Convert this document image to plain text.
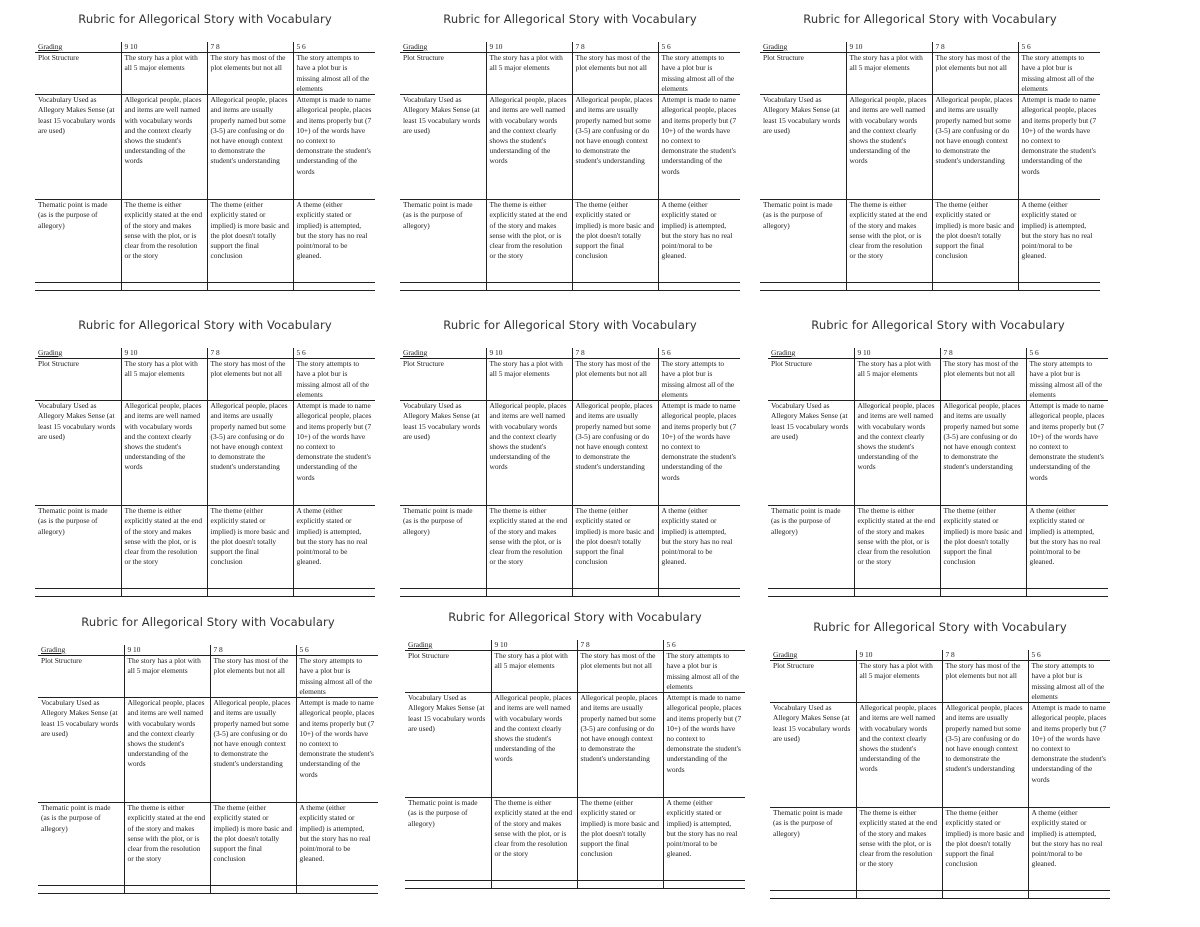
Rubric for Allegorical Story with Vocabulary
Grading	9 10	7 8	5 6
Plot Structure	The story has a plot with all 5 major elements	The story has most of the plot elements but not all	The story attempts to have a plot bur is missing almost all of the elements
Vocabulary Used as Allegory Makes Sense (at least 15 vocabulary words are used)	Allegorical people, places and items are well named with vocabulary words and the context clearly shows the student's understanding of the words	Allegorical people, places and items are usually properly named but some (3-5) are confusing or do not have enough context to demonstrate the student's understanding	Attempt is made to name allegorical people, places and items properly but (7 10+) of the words have no context to demonstrate the student's understanding of the words
Thematic point is made (as is the purpose of allegory)	The theme is either explicitly stated at the end of the story and makes sense with the plot, or is clear from the resolution or the story	The theme (either explicitly stated or implied) is more basic and the plot doesn't totally support the final conclusion	A theme (either explicitly stated or implied) is attempted, but the story has no real point/moral to be gleaned.

Rubric for Allegorical Story with Vocabulary
Grading	9 10	7 8	5 6
Plot Structure	The story has a plot with all 5 major elements	The story has most of the plot elements but not all	The story attempts to have a plot bur is missing almost all of the elements
Vocabulary Used as Allegory Makes Sense (at least 15 vocabulary words are used)	Allegorical people, places and items are well named with vocabulary words and the context clearly shows the student's understanding of the words	Allegorical people, places and items are usually properly named but some (3-5) are confusing or do not have enough context to demonstrate the student's understanding	Attempt is made to name allegorical people, places and items properly but (7 10+) of the words have no context to demonstrate the student's understanding of the words
Thematic point is made (as is the purpose of allegory)	The theme is either explicitly stated at the end of the story and makes sense with the plot, or is clear from the resolution or the story	The theme (either explicitly stated or implied) is more basic and the plot doesn't totally support the final conclusion	A theme (either explicitly stated or implied) is attempted, but the story has no real point/moral to be gleaned.

Rubric for Allegorical Story with Vocabulary
Grading	9 10	7 8	5 6
Plot Structure	The story has a plot with all 5 major elements	The story has most of the plot elements but not all	The story attempts to have a plot bur is missing almost all of the elements
Vocabulary Used as Allegory Makes Sense (at least 15 vocabulary words are used)	Allegorical people, places and items are well named with vocabulary words and the context clearly shows the student's understanding of the words	Allegorical people, places and items are usually properly named but some (3-5) are confusing or do not have enough context to demonstrate the student's understanding	Attempt is made to name allegorical people, places and items properly but (7 10+) of the words have no context to demonstrate the student's understanding of the words
Thematic point is made (as is the purpose of allegory)	The theme is either explicitly stated at the end of the story and makes sense with the plot, or is clear from the resolution or the story	The theme (either explicitly stated or implied) is more basic and the plot doesn't totally support the final conclusion	A theme (either explicitly stated or implied) is attempted, but the story has no real point/moral to be gleaned.

Rubric for Allegorical Story with Vocabulary
Grading	9 10	7 8	5 6
Plot Structure	The story has a plot with all 5 major elements	The story has most of the plot elements but not all	The story attempts to have a plot bur is missing almost all of the elements
Vocabulary Used as Allegory Makes Sense (at least 15 vocabulary words are used)	Allegorical people, places and items are well named with vocabulary words and the context clearly shows the student's understanding of the words	Allegorical people, places and items are usually properly named but some (3-5) are confusing or do not have enough context to demonstrate the student's understanding	Attempt is made to name allegorical people, places and items properly but (7 10+) of the words have no context to demonstrate the student's understanding of the words
Thematic point is made (as is the purpose of allegory)	The theme is either explicitly stated at the end of the story and makes sense with the plot, or is clear from the resolution or the story	The theme (either explicitly stated or implied) is more basic and the plot doesn't totally support the final conclusion	A theme (either explicitly stated or implied) is attempted, but the story has no real point/moral to be gleaned.

Rubric for Allegorical Story with Vocabulary
Grading	9 10	7 8	5 6
Plot Structure	The story has a plot with all 5 major elements	The story has most of the plot elements but not all	The story attempts to have a plot bur is missing almost all of the elements
Vocabulary Used as Allegory Makes Sense (at least 15 vocabulary words are used)	Allegorical people, places and items are well named with vocabulary words and the context clearly shows the student's understanding of the words	Allegorical people, places and items are usually properly named but some (3-5) are confusing or do not have enough context to demonstrate the student's understanding	Attempt is made to name allegorical people, places and items properly but (7 10+) of the words have no context to demonstrate the student's understanding of the words
Thematic point is made (as is the purpose of allegory)	The theme is either explicitly stated at the end of the story and makes sense with the plot, or is clear from the resolution or the story	The theme (either explicitly stated or implied) is more basic and the plot doesn't totally support the final conclusion	A theme (either explicitly stated or implied) is attempted, but the story has no real point/moral to be gleaned.

Rubric for Allegorical Story with Vocabulary
Grading	9 10	7 8	5 6
Plot Structure	The story has a plot with all 5 major elements	The story has most of the plot elements but not all	The story attempts to have a plot bur is missing almost all of the elements
Vocabulary Used as Allegory Makes Sense (at least 15 vocabulary words are used)	Allegorical people, places and items are well named with vocabulary words and the context clearly shows the student's understanding of the words	Allegorical people, places and items are usually properly named but some (3-5) are confusing or do not have enough context to demonstrate the student's understanding	Attempt is made to name allegorical people, places and items properly but (7 10+) of the words have no context to demonstrate the student's understanding of the words
Thematic point is made (as is the purpose of allegory)	The theme is either explicitly stated at the end of the story and makes sense with the plot, or is clear from the resolution or the story	The theme (either explicitly stated or implied) is more basic and the plot doesn't totally support the final conclusion	A theme (either explicitly stated or implied) is attempted, but the story has no real point/moral to be gleaned.

Rubric for Allegorical Story with Vocabulary
Grading	9 10	7 8	5 6
Plot Structure	The story has a plot with all 5 major elements	The story has most of the plot elements but not all	The story attempts to have a plot bur is missing almost all of the elements
Vocabulary Used as Allegory Makes Sense (at least 15 vocabulary words are used)	Allegorical people, places and items are well named with vocabulary words and the context clearly shows the student's understanding of the words	Allegorical people, places and items are usually properly named but some (3-5) are confusing or do not have enough context to demonstrate the student's understanding	Attempt is made to name allegorical people, places and items properly but (7 10+) of the words have no context to demonstrate the student's understanding of the words
Thematic point is made (as is the purpose of allegory)	The theme is either explicitly stated at the end of the story and makes sense with the plot, or is clear from the resolution or the story	The theme (either explicitly stated or implied) is more basic and the plot doesn't totally support the final conclusion	A theme (either explicitly stated or implied) is attempted, but the story has no real point/moral to be gleaned.

Rubric for Allegorical Story with Vocabulary
Grading	9 10	7 8	5 6
Plot Structure	The story has a plot with all 5 major elements	The story has most of the plot elements but not all	The story attempts to have a plot bur is missing almost all of the elements
Vocabulary Used as Allegory Makes Sense (at least 15 vocabulary words are used)	Allegorical people, places and items are well named with vocabulary words and the context clearly shows the student's understanding of the words	Allegorical people, places and items are usually properly named but some (3-5) are confusing or do not have enough context to demonstrate the student's understanding	Attempt is made to name allegorical people, places and items properly but (7 10+) of the words have no context to demonstrate the student's understanding of the words
Thematic point is made (as is the purpose of allegory)	The theme is either explicitly stated at the end of the story and makes sense with the plot, or is clear from the resolution or the story	The theme (either explicitly stated or implied) is more basic and the plot doesn't totally support the final conclusion	A theme (either explicitly stated or implied) is attempted, but the story has no real point/moral to be gleaned.

Rubric for Allegorical Story with Vocabulary
Grading	9 10	7 8	5 6
Plot Structure	The story has a plot with all 5 major elements	The story has most of the plot elements but not all	The story attempts to have a plot bur is missing almost all of the elements
Vocabulary Used as Allegory Makes Sense (at least 15 vocabulary words are used)	Allegorical people, places and items are well named with vocabulary words and the context clearly shows the student's understanding of the words	Allegorical people, places and items are usually properly named but some (3-5) are confusing or do not have enough context to demonstrate the student's understanding	Attempt is made to name allegorical people, places and items properly but (7 10+) of the words have no context to demonstrate the student's understanding of the words
Thematic point is made (as is the purpose of allegory)	The theme is either explicitly stated at the end of the story and makes sense with the plot, or is clear from the resolution or the story	The theme (either explicitly stated or implied) is more basic and the plot doesn't totally support the final conclusion	A theme (either explicitly stated or implied) is attempted, but the story has no real point/moral to be gleaned.
